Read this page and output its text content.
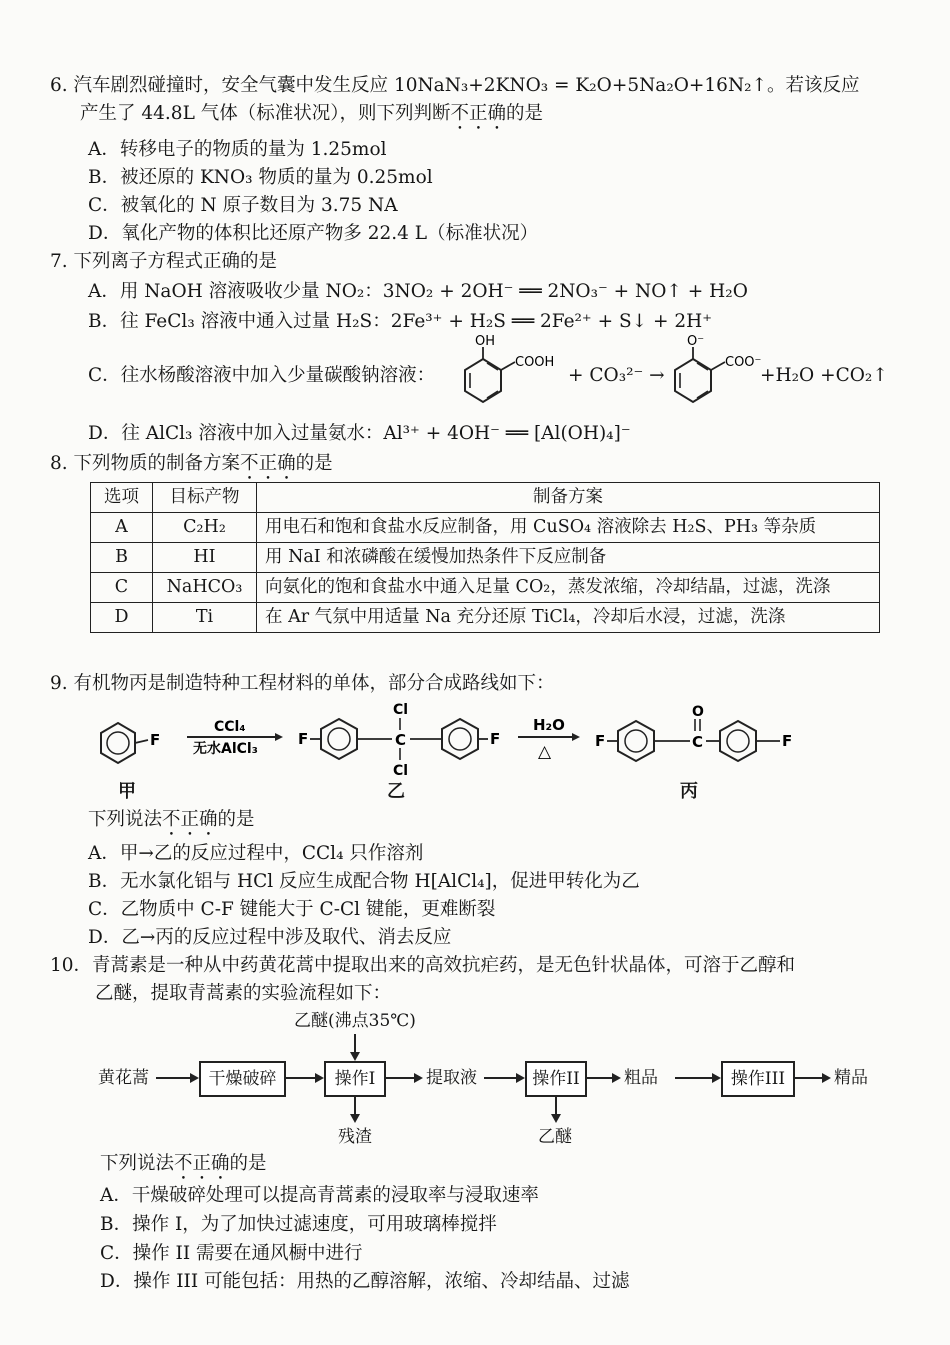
6. 汽车剧烈碰撞时，安全气囊中发生反应 10NaN₃+2KNO₃ = K₂O+5Na₂O+16N₂↑。若该反应
产生了 44.8L 气体（标准状况），则下列判断不正确的是
A．转移电子的物质的量为 1.25mol
B．被还原的 KNO₃ 物质的量为 0.25mol
C．被氧化的 N 原子数目为 3.75 NA
D．氧化产物的体积比还原产物多 22.4 L（标准状况）
7. 下列离子方程式正确的是
A．用 NaOH 溶液吸收少量 NO₂：3NO₂ + 2OH⁻ ══ 2NO₃⁻ + NO↑ + H₂O
B．往 FeCl₃ 溶液中通入过量 H₂S：2Fe³⁺ + H₂S ══ 2Fe²⁺ + S↓ + 2H⁺
C．往水杨酸溶液中加入少量碳酸钠溶液：
OH
COOH
+ CO₃²⁻ →
O⁻
COO⁻
+H₂O +CO₂↑
D．往 AlCl₃ 溶液中加入过量氨水：Al³⁺ + 4OH⁻ ══ [Al(OH)₄]⁻
8. 下列物质的制备方案不正确的是
选项	目标产物	制备方案
A	C₂H₂	用电石和饱和食盐水反应制备，用 CuSO₄ 溶液除去 H₂S、PH₃ 等杂质
B	HI	用 NaI 和浓磷酸在缓慢加热条件下反应制备
C	NaHCO₃	向氨化的饱和食盐水中通入足量 CO₂，蒸发浓缩，冷却结晶，过滤，洗涤
D	Ti	在 Ar 气氛中用适量 Na 充分还原 TiCl₄，冷却后水浸，过滤，洗涤
9. 有机物丙是制造特种工程材料的单体，部分合成路线如下：
F
CCl₄
无水AlCl₃
F	C
Cl
Cl
F
H₂O
△
F	C
O
F
甲	乙	丙
下列说法不正确的是
A．甲→乙的反应过程中，CCl₄ 只作溶剂
B．无水氯化铝与 HCl 反应生成配合物 H[AlCl₄]，促进甲转化为乙
C．乙物质中 C-F 键能大于 C-Cl 键能，更难断裂
D．乙→丙的反应过程中涉及取代、消去反应
10．青蒿素是一种从中药黄花蒿中提取出来的高效抗疟药，是无色针状晶体，可溶于乙醇和
乙醚，提取青蒿素的实验流程如下：
乙醚(沸点35℃)
黄花蒿	干燥破碎	操作I	提取液	操作II	粗品	操作III	精品
残渣	乙醚
下列说法不正确的是
A．干燥破碎处理可以提高青蒿素的浸取率与浸取速率
B．操作 I，为了加快过滤速度，可用玻璃棒搅拌
C．操作 II 需要在通风橱中进行
D．操作 III 可能包括：用热的乙醇溶解，浓缩、冷却结晶、过滤
